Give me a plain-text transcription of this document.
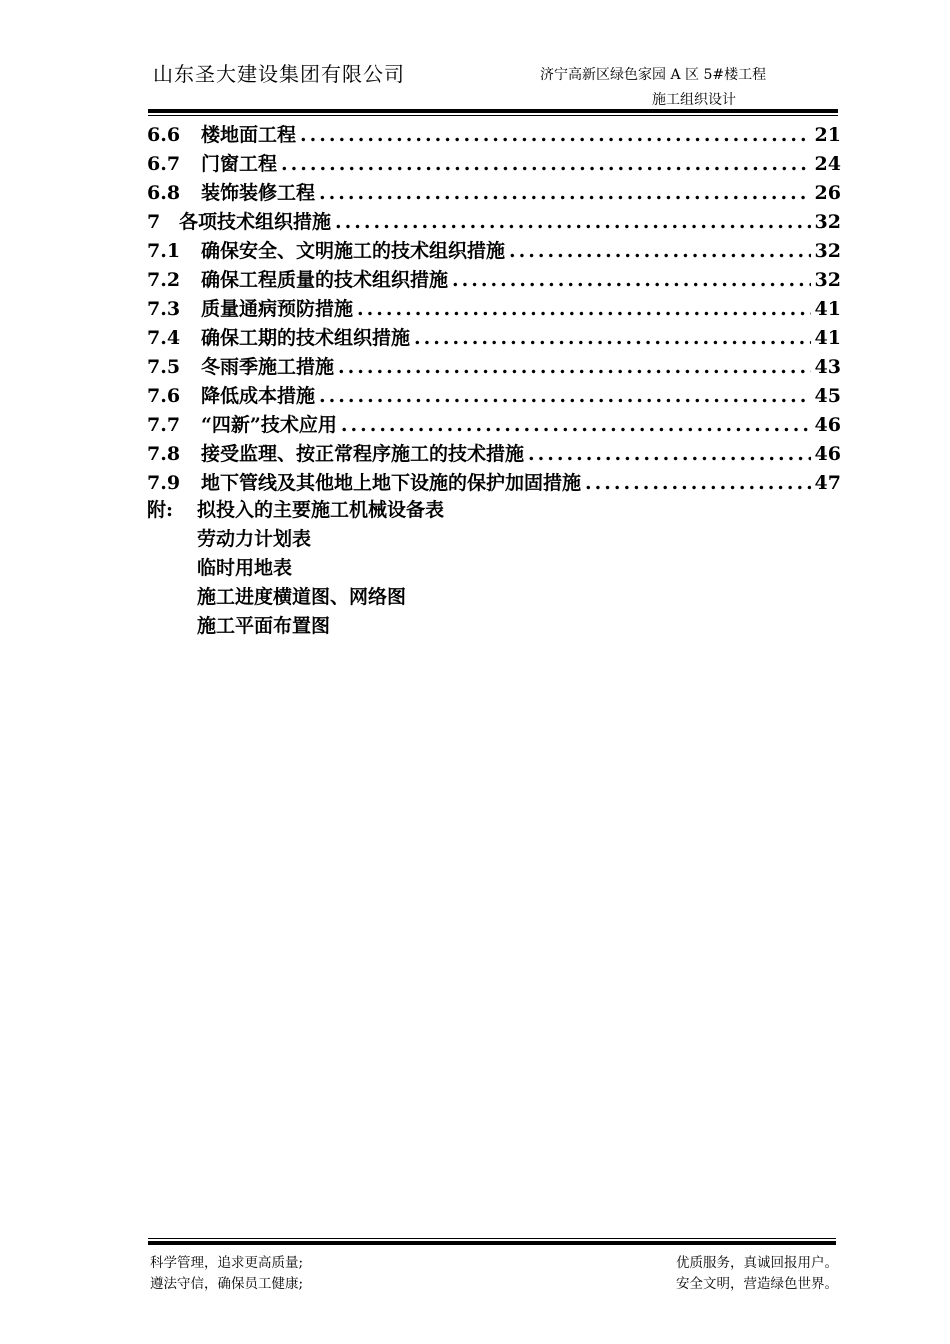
山东圣大建设集团有限公司	济宁高新区绿色家园 A 区 5#楼工程
施工组织设计
6.6	楼地面工程 .....	21
6.7	门窗工程 .....	24
6.8	装饰装修工程 .....	26
7 各项技术组织措施 .....	32
7.1	确保安全、文明施工的技术组织措施 .....	32
7.2	确保工程质量的技术组织措施 .....	32
7.3	质量通病预防措施 .....	41
7.4	确保工期的技术组织措施 .....	41
7.5	冬雨季施工措施 .....	43
7.6	降低成本措施 .....	45
7.7	“四新”技术应用 .....	46
7.8	接受监理、按正常程序施工的技术措施 .....	46
7.9	地下管线及其他地上地下设施的保护加固措施 .....	47
附:	拟投入的主要施工机械设备表
劳动力计划表
临时用地表
施工进度横道图、网络图
施工平面布置图
科学管理，追求更高质量;
遵法守信，确保员工健康;
优质服务，真诚回报用户。
安全文明，营造绿色世界。
